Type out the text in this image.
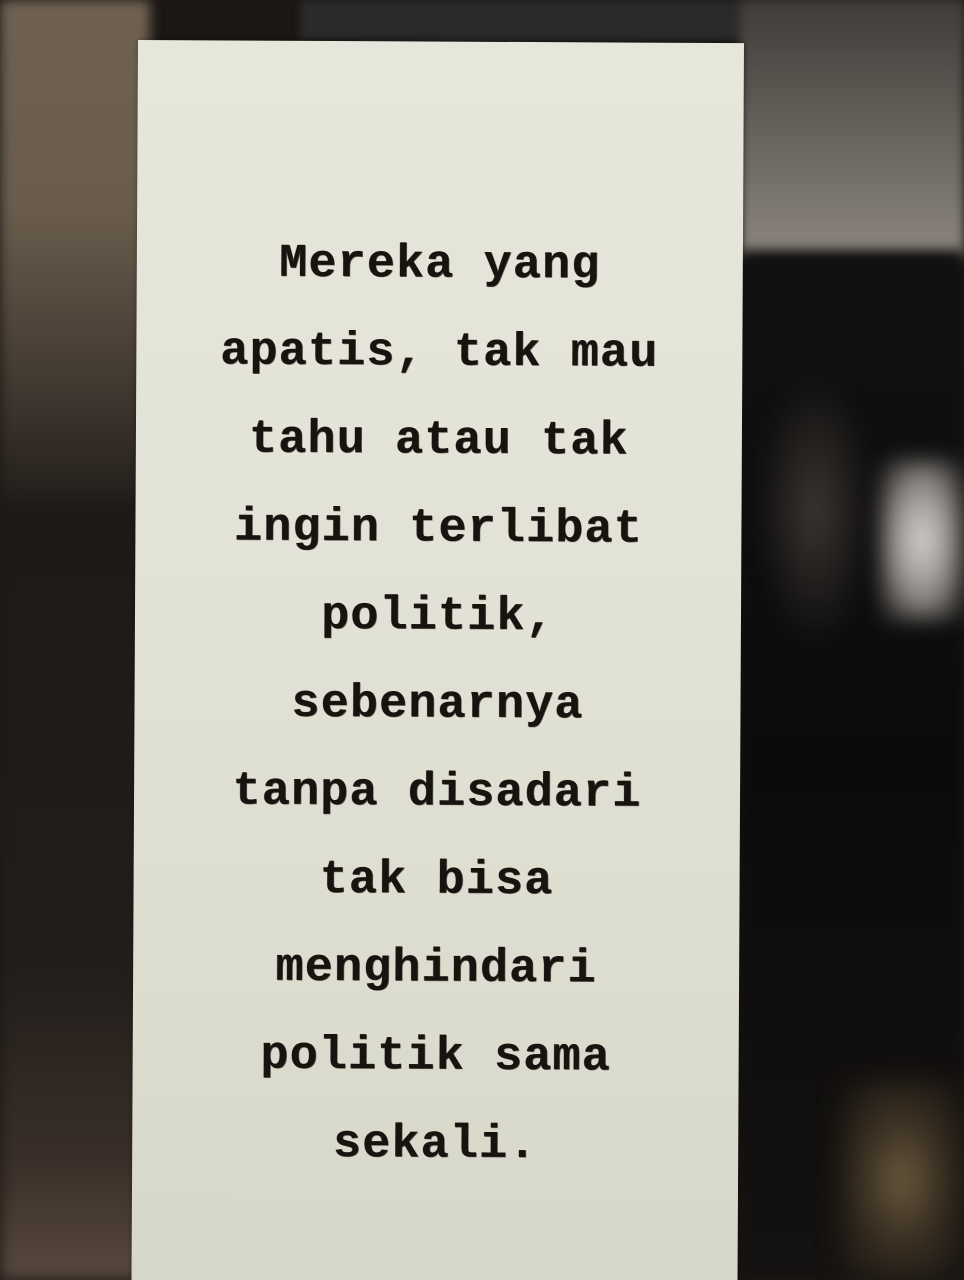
Mereka yang
apatis, tak mau
tahu atau tak
ingin terlibat
politik,
sebenarnya
tanpa disadari
tak bisa
menghindari
politik sama
sekali.
